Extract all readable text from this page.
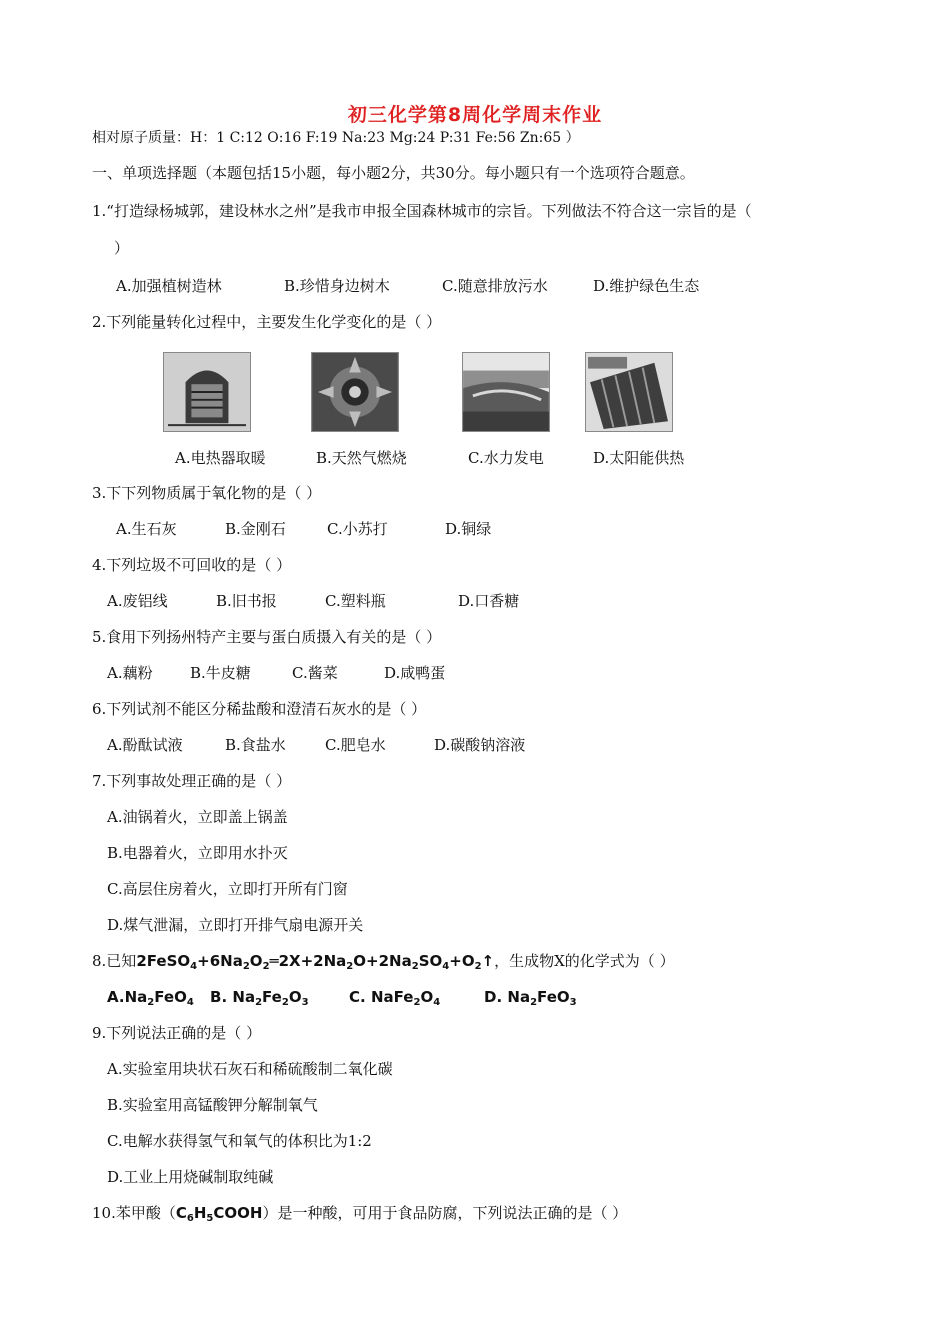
初三化学第8周化学周末作业
相对原子质量：H：1 C:12 O:16 F:19 Na:23 Mg:24 P:31 Fe:56 Zn:65 ）
一、单项选择题（本题包括15小题，每小题2分，共30分。每小题只有一个选项符合题意。
1.“打造绿杨城郭，建设林水之州”是我市申报全国森林城市的宗旨。下列做法不符合这一宗旨的是（
）
A.加强植树造林	B.珍惜身边树木	C.随意排放污水	D.维护绿色生态
2.下列能量转化过程中，主要发生化学变化的是（ ）
A.电热器取暖	B.天然气燃烧	C.水力发电	D.太阳能供热
3.下下列物质属于氧化物的是（ ）
A.生石灰	B.金刚石	C.小苏打	D.铜绿
4.下列垃圾不可回收的是（ ）
A.废铝线	B.旧书报	C.塑料瓶	D.口香糖
5.食用下列扬州特产主要与蛋白质摄入有关的是（ ）
A.藕粉 B.牛皮糖	C.酱菜	D.咸鸭蛋
6.下列试剂不能区分稀盐酸和澄清石灰水的是（ ）
A.酚酞试液	B.食盐水	C.肥皂水	D.碳酸钠溶液
7.下列事故处理正确的是（ ）
A.油锅着火，立即盖上锅盖
B.电器着火，立即用水扑灭
C.高层住房着火，立即打开所有门窗
D.煤气泄漏，立即打开排气扇电源开关
8.已知$2FeSO_4+6Na_2O_2═2X+2Na_2O+2Na_2SO_4+O_2↑$，生成物X的化学式为（ ）
$A.Na_2FeO_4$ B. $Na_2Fe_2O_3$	C. $NaFe_2O_4$	D. $Na_2FeO_3$
9.下列说法正确的是（ ）
A.实验室用块状石灰石和稀硫酸制二氧化碳
B.实验室用高锰酸钾分解制氧气
C.电解水获得氢气和氧气的体积比为1:2
D.工业上用烧碱制取纯碱
10.苯甲酸$(C_6H_5COOH)$是一种酸，可用于食品防腐，下列说法正确的是（ ）
